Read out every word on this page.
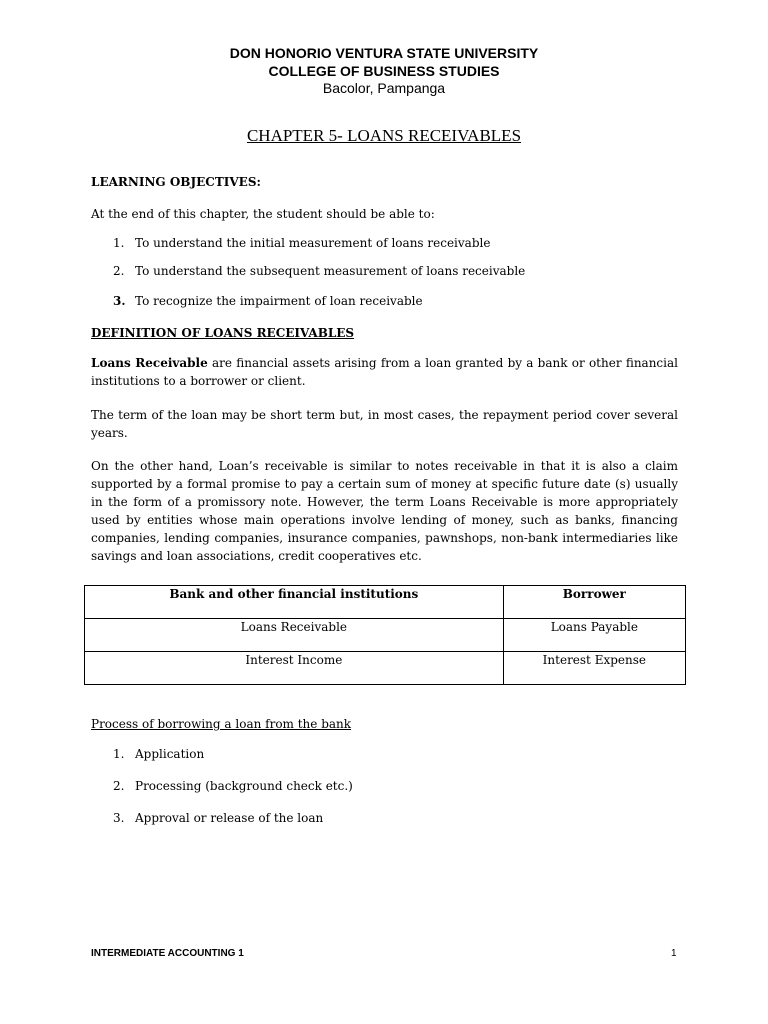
DON HONORIO VENTURA STATE UNIVERSITY
COLLEGE OF BUSINESS STUDIES
Bacolor, Pampanga
CHAPTER 5- LOANS RECEIVABLES
LEARNING OBJECTIVES:
At the end of this chapter, the student should be able to:
1. To understand the initial measurement of loans receivable
2. To understand the subsequent measurement of loans receivable
3. To recognize the impairment of loan receivable
DEFINITION OF LOANS RECEIVABLES
Loans Receivable are financial assets arising from a loan granted by a bank or other financial institutions to a borrower or client.
The term of the loan may be short term but, in most cases, the repayment period cover several years.
On the other hand, Loan’s receivable is similar to notes receivable in that it is also a claim supported by a formal promise to pay a certain sum of money at specific future date (s) usually in the form of a promissory note. However, the term Loans Receivable is more appropriately used by entities whose main operations involve lending of money, such as banks, financing companies, lending companies, insurance companies, pawnshops, non-bank intermediaries like savings and loan associations, credit cooperatives etc.
Bank and other financial institutions	Borrower
Loans Receivable	Loans Payable
Interest Income	Interest Expense
Process of borrowing a loan from the bank
1. Application
2. Processing (background check etc.)
3. Approval or release of the loan
INTERMEDIATE ACCOUNTING 1	1
